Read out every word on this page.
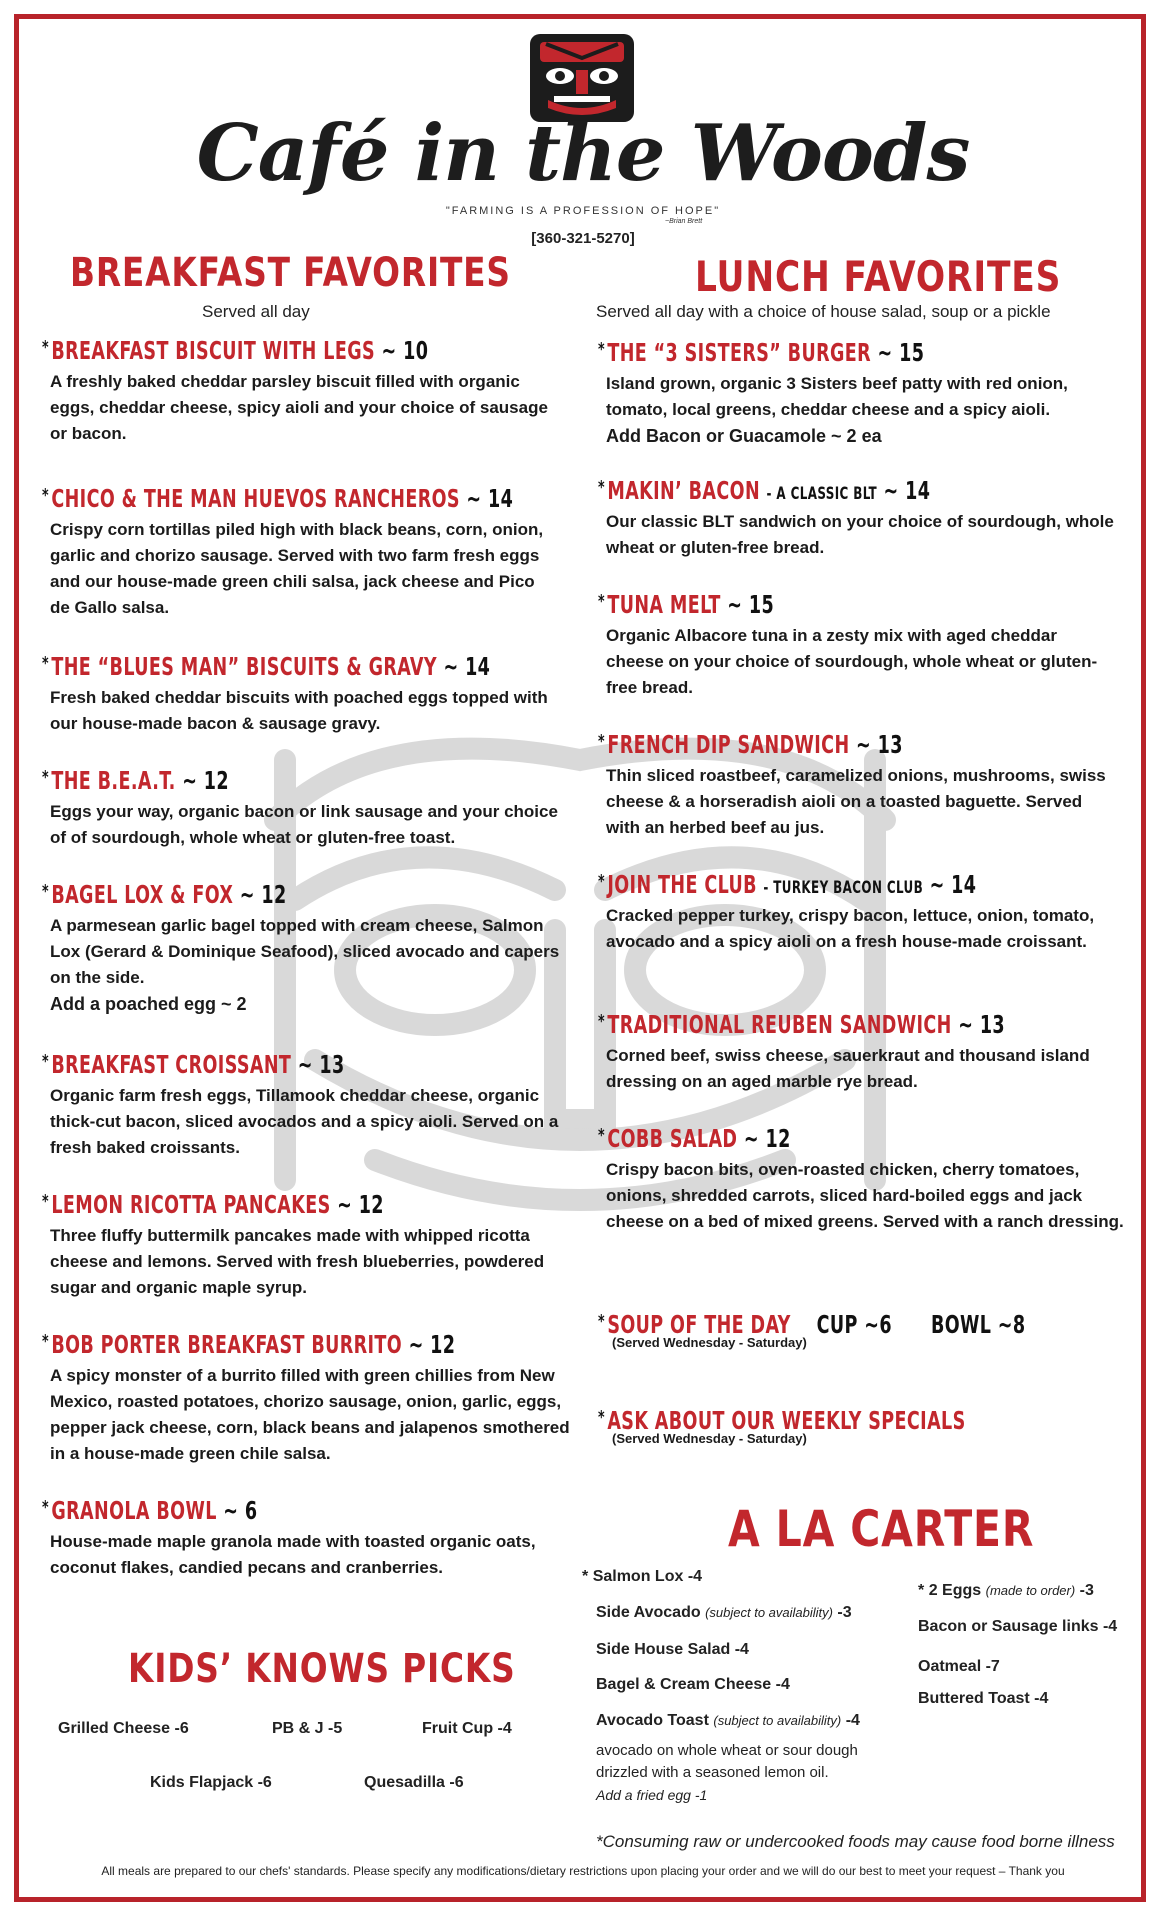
Café in the Woods
"FARMING IS A PROFESSION OF HOPE"
~Brian Brett
[360-321-5270]
BREAKFAST FAVORITES
Served all day
*BREAKFAST BISCUIT WITH LEGS ~ 10
A freshly baked cheddar parsley biscuit filled with organic eggs, cheddar cheese, spicy aioli and your choice of sausage or bacon.
*CHICO & THE MAN HUEVOS RANCHEROS ~ 14
Crispy corn tortillas piled high with black beans, corn, onion, garlic and chorizo sausage. Served with two farm fresh eggs and our house-made green chili salsa, jack cheese and Pico de Gallo salsa.
*THE “BLUES MAN” BISCUITS & GRAVY ~ 14
Fresh baked cheddar biscuits with poached eggs topped with our house-made bacon & sausage gravy.
*THE B.E.A.T. ~ 12
Eggs your way, organic bacon or link sausage and your choice of of sourdough, whole wheat or gluten-free toast.
*BAGEL LOX & FOX ~ 12
A parmesean garlic bagel topped with cream cheese, Salmon Lox (Gerard & Dominique Seafood), sliced avocado and capers on the side.
Add a poached egg ~ 2
*BREAKFAST CROISSANT ~ 13
Organic farm fresh eggs, Tillamook cheddar cheese, organic thick-cut bacon, sliced avocados and a spicy aioli. Served on a fresh baked croissants.
*LEMON RICOTTA PANCAKES ~ 12
Three fluffy buttermilk pancakes made with whipped ricotta cheese and lemons. Served with fresh blueberries, powdered sugar and organic maple syrup.
*BOB PORTER BREAKFAST BURRITO ~ 12
A spicy monster of a burrito filled with green chillies from New Mexico, roasted potatoes, chorizo sausage, onion, garlic, eggs, pepper jack cheese, corn, black beans and jalapenos smothered in a house-made green chile salsa.
*GRANOLA BOWL ~ 6
House-made maple granola made with toasted organic oats, coconut flakes, candied pecans and cranberries.
LUNCH FAVORITES
Served all day with a choice of house salad, soup or a pickle
*THE “3 SISTERS” BURGER ~ 15
Island grown, organic 3 Sisters beef patty with red onion, tomato, local greens, cheddar cheese and a spicy aioli.
Add Bacon or Guacamole ~ 2 ea
*MAKIN’ BACON - A CLASSIC BLT ~ 14
Our classic BLT sandwich on your choice of sourdough, whole wheat or gluten-free bread.
*TUNA MELT ~ 15
Organic Albacore tuna in a zesty mix with aged cheddar cheese on your choice of sourdough, whole wheat or gluten-free bread.
*FRENCH DIP SANDWICH ~ 13
Thin sliced roastbeef, caramelized onions, mushrooms, swiss cheese & a horseradish aioli on a toasted baguette. Served with an herbed beef au jus.
*JOIN THE CLUB - TURKEY BACON CLUB ~ 14
Cracked pepper turkey, crispy bacon, lettuce, onion, tomato, avocado and a spicy aioli on a fresh house-made croissant.
*TRADITIONAL REUBEN SANDWICH ~ 13
Corned beef, swiss cheese, sauerkraut and thousand island dressing on an aged marble rye bread.
*COBB SALAD ~ 12
Crispy bacon bits, oven-roasted chicken, cherry tomatoes, onions, shredded carrots, sliced hard-boiled eggs and jack cheese on a bed of mixed greens. Served with a ranch dressing.
*SOUP OF THE DAY CUP ~6 BOWL ~8
(Served Wednesday - Saturday)
*ASK ABOUT OUR WEEKLY SPECIALS
(Served Wednesday - Saturday)
A LA CARTER
* Salmon Lox -4
Side Avocado (subject to availability) -3
Side House Salad -4
Bagel & Cream Cheese -4
Avocado Toast (subject to availability) -4
avocado on whole wheat or sour dough
drizzled with a seasoned lemon oil.
Add a fried egg -1
* 2 Eggs (made to order) -3
Bacon or Sausage links -4
Oatmeal -7
Buttered Toast -4
KIDS’ KNOWS PICKS
Grilled Cheese -6	PB & J -5	Fruit Cup -4
Kids Flapjack -6	Quesadilla -6
*Consuming raw or undercooked foods may cause food borne illness
All meals are prepared to our chefs' standards. Please specify any modifications/dietary restrictions upon placing your order and we will do our best to meet your request – Thank you
